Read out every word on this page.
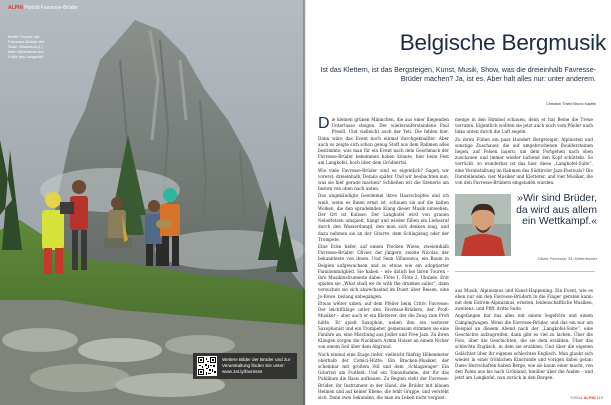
ALPIN Porträt Favresse-Brüder
Bunte Truppe: die Favresse-Brüder mit Sean Villanueva (l.) beim Musizieren am Fuße des Langkofel.
Weitere Bilder der Brüder und zur Veranstaltung finden Sie unter: www.1st.ly/favresse
Belgische Bergmusik
Ist das Klettern, ist das Bergsteigen, Kunst, Musik, Show, was die dreieinhalb Favresse-Brüder machen? Ja, ist es. Aber halt alles nur: unter anderem.
Christian Thiele Bruno Kapitis

Die kleinen grünen Männchen, die aus einer fliegenden Untertasse steigen. Der wiederauferstandene Paul Presill. Und vielleicht auch der Yeti. Die fehlen hier. Dann wäre das Event noch einmal durchgeknallter. Aber auch so zeigte sich schon genug Stoff aus dem Rahmen alles bestimmte, was man für ein Event nach dem Geschmack der Favresse-Brüder bekommen haben könnte, hier beim Fest am Langkofel, hoch über dem Grödnertal.

Wie viele Favresse-Brüder sind es eigentlich? Sagen wir vorerst: dreieinhalb, Details später. Und wir beobachten nun, was sie hier gerade machen? Schließen wir die Szenerie am besten von oben nach unten.

Das ungebändigte Gewimmel ihres Haarschopfes und ich weiß, wenn es ihnen ernst ist, schauen sie auf die kalten Wolken, die den sprudelnden Klang dieser Musik umwehen. Der Ort ist Kulisse: Der Langkofel wird von grauen Nebelfetzen umspielt, hängt und wieder füllen ein Liebesruf durch den Wasserdampf, den man sich denken mag, und dazu nehmen sie an der Gitarre, dem Schlagzeug oder der Trompete.

Eine Ecke tiefer, auf einem Flecken Wiese, zweieinhalb Favresse-Brüder: Olivier, der jüngere, zweite Nicolas, der bekannteste von ihnen. Und Sean Villanueva, ein Baum in Belgien aufgewachsen und so etwas wie ein adoptierter Familienmitglied. Sie haben – wie üblich bei ihren Touren – ihre Musikinstrumente dabei: Flöte 1, Flöte 2, Ukulele. Erst spielen sie „What shall we do with the drunken sailor“, dann versuchen sie sich abwechselnd im Duett über Reisen, eine Jo-Rowe, bislang unbegangen.

Etwas weiter unten, auf dem Pfeiler beim Critöc Favresse: Der leichtfüßige unter den Favresse-Brüdern, der Profi-Musiker – aber auch er ein Kletterer, der die Zeug zum Profi hätte. Er spielt Saxophon, neben ihm ein weiterer Saxophonist und ein Trompeter, gemeinsam stimmen sie eine Fanfare an, eine Mischung aus Jodler und Free Jazz. Zu ihren Klängen sorgen die Nachbarn Armin Holzer an einem Nicker von einem Seil über dem Abgrund.

Noch einmal eine Etage tiefer, vielleicht fünfzig Höhenmeter oberhalb der Comici-Hütte: Ein Bracken-Musiker, der scheinbar mit großem Stil und dem ‚Schlagzeuger‘ Ein Gitarrist am Fußfeld. Und ein Tonaufnahme, der für das Publikum die Basis aufbauen. Zu Beginn steht der Favresse-Brüder, ihr Instrument in der Hand, die Brüder mit blauen Helmen und auf keiner Ebene, die fehlt Gruppe, und versteht sich. Dann zwei Sekunden, die man im Leben nicht vergisst.

menge in den Himmel schauen, denn er hat Beine die Treue verraten. Eigentlich wollten sie jetzt auch noch vom Pfeiler nach links unten durch die Luft segeln.

Zu ihren Füßen ein paar Hundert Bergsteiger, Alpinisten und sonstige Zuschauer, die auf umgebrochenen Bouldersteinen liegen, auf Felsen lauern, um dem Fortgehen nach oben zuschauen und immer wieder lachend den Kopf schütteln. So verrückt, so wunderbar ist das hier, diese „Langkofel-Suite“, eine Veranstaltung im Rahmen des Südtiroler Jazz-Festivals? Die Darstellenden: vier Musiker und Kletterer, und vier Musiker, die von den Favresse-Brüdern eingeladen wurden.

aus Musik, Alpinismus und Kunst-Happening. Ein Event, wie es eben nur ein den Favresse-Brüdern in die Finger geraten kann: mit dem Extrem-Alpinismus, ernsten, leidenschaftliche Musiken, zweitens, und Pfiff, dritte Seite.

Angefangen hat das alles mit einem Segeltörn und einem Campingwagen. Wenn die Favresse-Brüder, und das ein nur am Beispiel an diesem Abend nach der „Langkofel-Suite“, eine Geschichte aufzugreifen, dann gibt es viel zu lachen. Über die Foto, über die Geschichten, die sie dem erzählen. Über das schlechte Englisch, in dem sie erzählen. Und über die eigenen Gelächter über ihr eigenes schlechtes Englisch. Man glaubt sich wieder in einer fröhlichen Kinorunde und vorigen dabei getan: Diese Herrschaften haben Berge, wie sie kaum einer macht, von den Polen aus bis nach Grönland, hinüber über die Anden – und jetzt am Langkofel, nun zurück in den Bergen.

»Wir sind Brüder, da wird aus allem ein Wettkampf.«
Olivier Favresse, 33, Kletterbruder
7/2014 ALPIN 119
